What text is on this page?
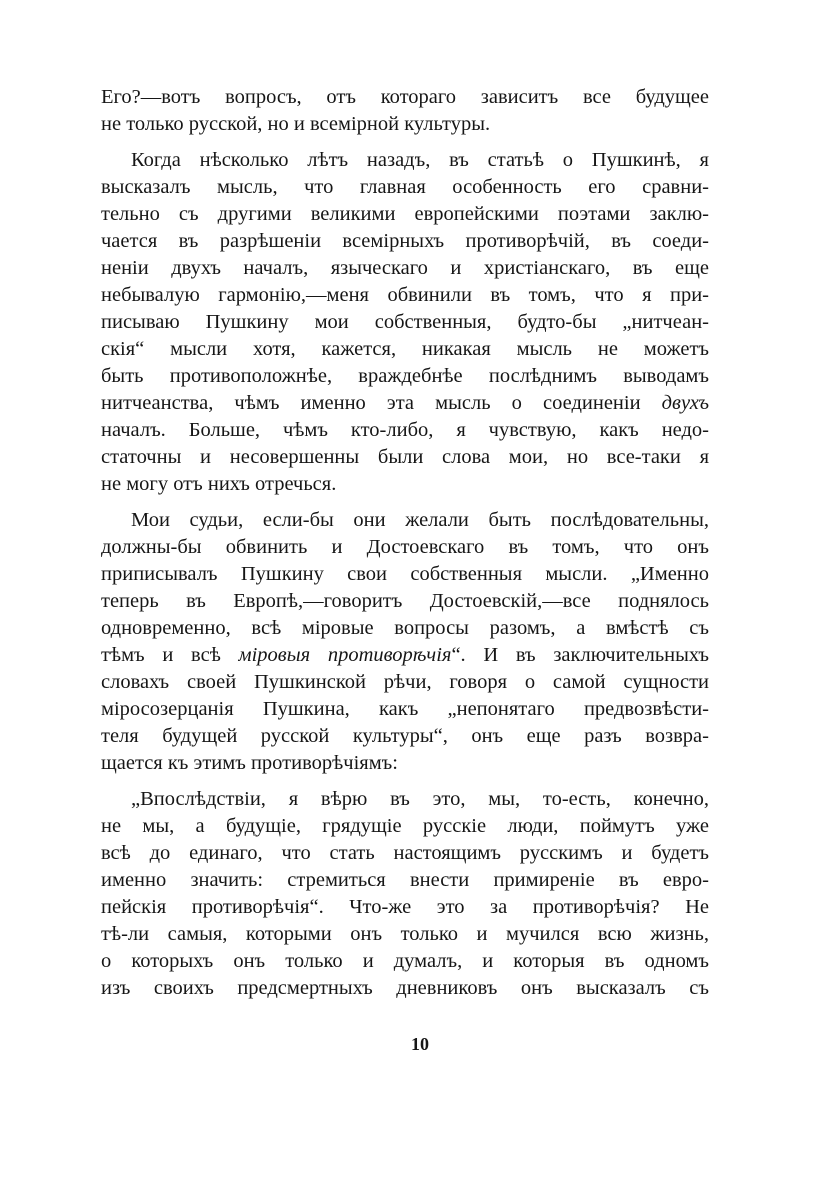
Его?—вотъ вопросъ, отъ котораго зависитъ все будущее
не только русской, но и всемірной культуры.
Когда нѣсколько лѣтъ назадъ, въ статьѣ о Пушкинѣ, я
высказалъ мысль, что главная особенность его сравни-
тельно съ другими великими европейскими поэтами заклю-
чается въ разрѣшеніи всемірныхъ противорѣчій, въ соеди-
неніи двухъ началъ, языческаго и христіанскаго, въ еще
небывалую гармонію,—меня обвинили въ томъ, что я при-
писываю Пушкину мои собственныя, будто-бы „нитчеан-
скія“ мысли хотя, кажется, никакая мысль не можетъ
быть противоположнѣе, враждебнѣе послѣднимъ выводамъ
нитчеанства, чѣмъ именно эта мысль о соединеніи двухъ
началъ. Больше, чѣмъ кто-либо, я чувствую, какъ недо-
статочны и несовершенны были слова мои, но все-таки я
не могу отъ нихъ отречься.
Мои судьи, если-бы они желали быть послѣдовательны,
должны-бы обвинить и Достоевскаго въ томъ, что онъ
приписывалъ Пушкину свои собственныя мысли. „Именно
теперь въ Европѣ,—говоритъ Достоевскій,—все поднялось
одновременно, всѣ міровые вопросы разомъ, а вмѣстѣ съ
тѣмъ и всѣ міровыя противорѣчія“. И въ заключительныхъ
словахъ своей Пушкинской рѣчи, говоря о самой сущности
міросозерцанія Пушкина, какъ „непонятаго предвозвѣсти-
теля будущей русской культуры“, онъ еще разъ возвра-
щается къ этимъ противорѣчіямъ:
„Впослѣдствіи, я вѣрю въ это, мы, то-есть, конечно,
не мы, а будущіе, грядущіе русскіе люди, поймутъ уже
всѣ до единаго, что стать настоящимъ русскимъ и будетъ
именно значить: стремиться внести примиреніе въ евро-
пейскія противорѣчія“. Что-же это за противорѣчія? Не
тѣ-ли самыя, которыми онъ только и мучился всю жизнь,
о которыхъ онъ только и думалъ, и которыя въ одномъ
изъ своихъ предсмертныхъ дневниковъ онъ высказалъ съ
10
